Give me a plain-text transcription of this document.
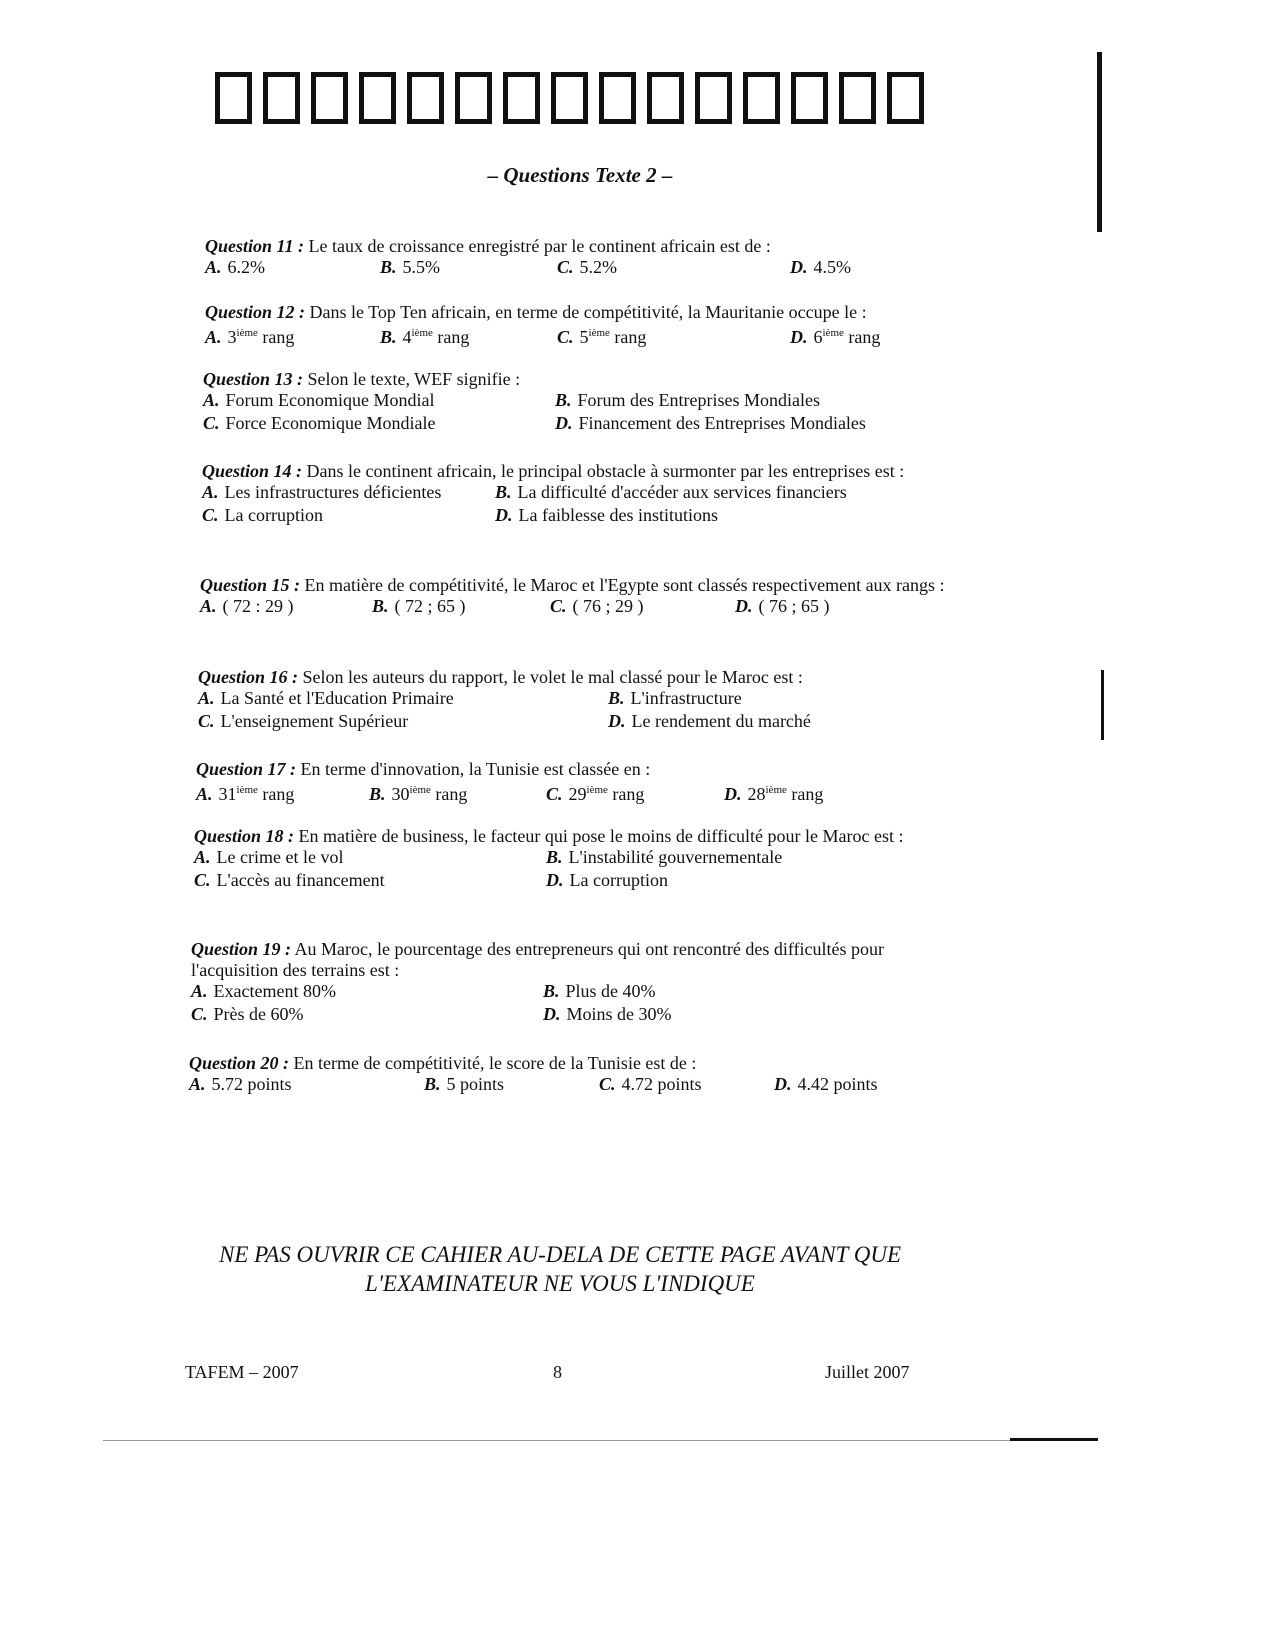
– Questions Texte 2 –
Question 11 : Le taux de croissance enregistré par le continent africain est de :
A. 6.2%	B. 5.5%	C. 5.2%	D. 4.5%
Question 12 : Dans le Top Ten africain, en terme de compétitivité, la Mauritanie occupe le :
A. 3ième rang	B. 4ième rang	C. 5ième rang	D. 6ième rang
Question 13 : Selon le texte, WEF signifie :
A. Forum Economique Mondial	B. Forum des Entreprises Mondiales
C. Force Economique Mondiale	D. Financement des Entreprises Mondiales
Question 14 : Dans le continent africain, le principal obstacle à surmonter par les entreprises est :
A. Les infrastructures déficientes	B. La difficulté d'accéder aux services financiers
C. La corruption	D. La faiblesse des institutions
Question 15 : En matière de compétitivité, le Maroc et l'Egypte sont classés respectivement aux rangs :
A. ( 72 : 29 )	B. ( 72 ; 65 )	C. ( 76 ; 29 )	D. ( 76 ; 65 )
Question 16 : Selon les auteurs du rapport, le volet le mal classé pour le Maroc est :
A. La Santé et l'Education Primaire	B. L'infrastructure
C. L'enseignement Supérieur	D. Le rendement du marché
Question 17 : En terme d'innovation, la Tunisie est classée en :
A. 31ième rang	B. 30ième rang	C. 29ième rang	D. 28ième rang
Question 18 : En matière de business, le facteur qui pose le moins de difficulté pour le Maroc est :
A. Le crime et le vol	B. L'instabilité gouvernementale
C. L'accès au financement	D. La corruption
Question 19 : Au Maroc, le pourcentage des entrepreneurs qui ont rencontré des difficultés pour l'acquisition des terrains est :
A. Exactement 80%	B. Plus de 40%
C. Près de 60%	D. Moins de 30%
Question 20 : En terme de compétitivité, le score de la Tunisie est de :
A. 5.72 points	B. 5 points	C. 4.72 points	D. 4.42 points
NE PAS OUVRIR CE CAHIER AU-DELA DE CETTE PAGE AVANT QUE
L'EXAMINATEUR NE VOUS L'INDIQUE
TAFEM – 2007	8	Juillet 2007
